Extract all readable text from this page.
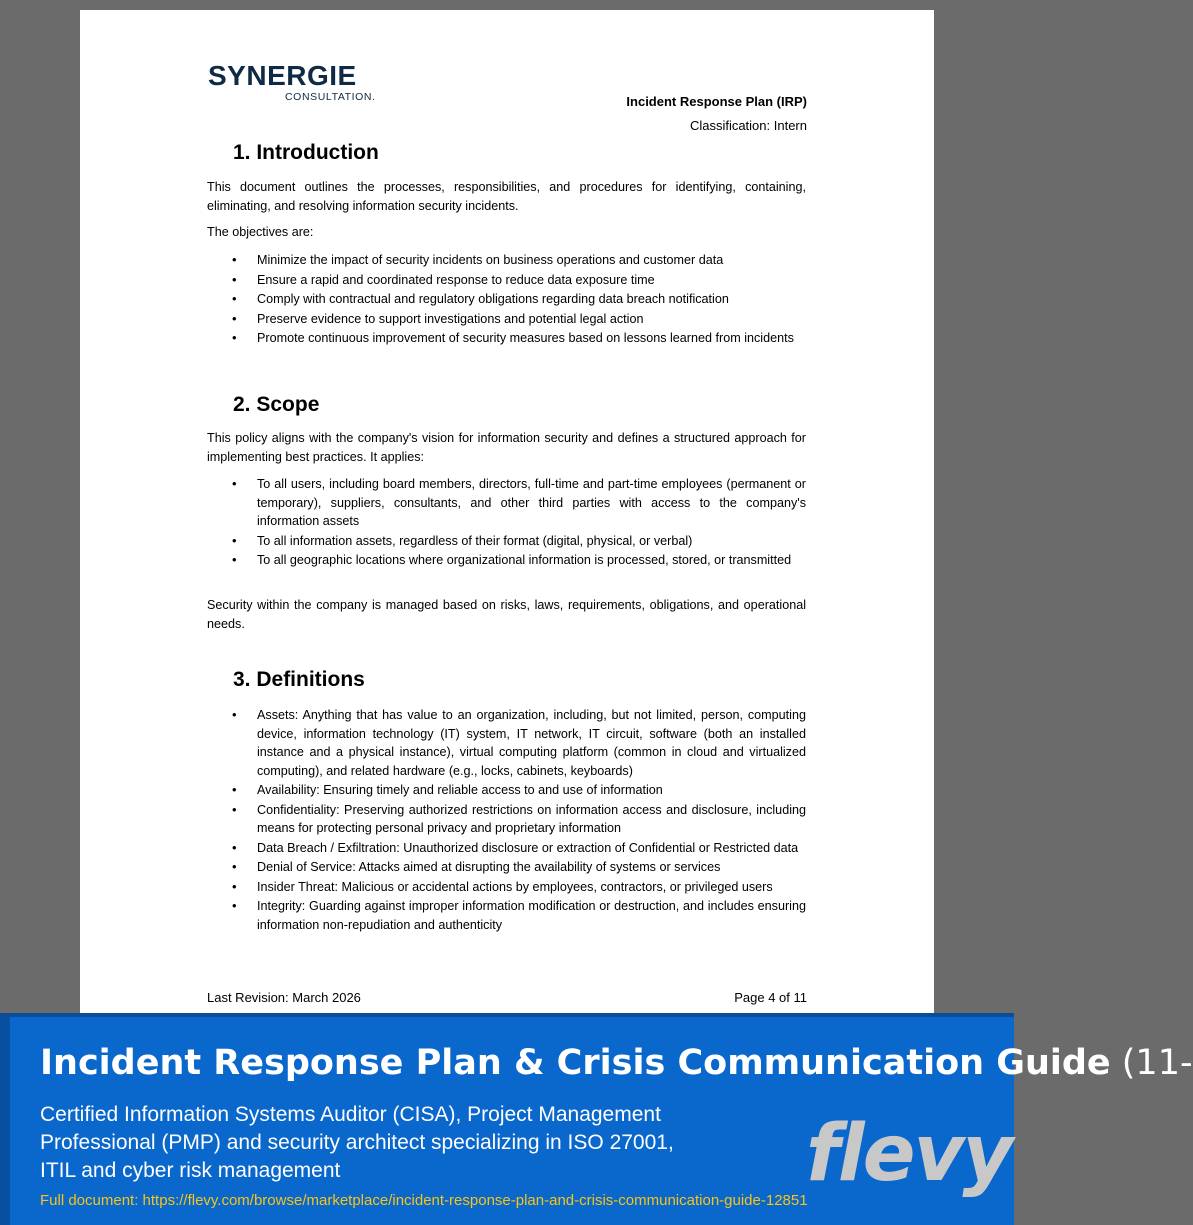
SYNERGIE
CONSULTATION.	Incident Response Plan (IRP)
Classification: Intern
1. Introduction

This document outlines the processes, responsibilities, and procedures for identifying, containing, eliminating, and resolving information security incidents.

The objectives are:

• Minimize the impact of security incidents on business operations and customer data
• Ensure a rapid and coordinated response to reduce data exposure time
• Comply with contractual and regulatory obligations regarding data breach notification
• Preserve evidence to support investigations and potential legal action
• Promote continuous improvement of security measures based on lessons learned from incidents
2. Scope

This policy aligns with the company's vision for information security and defines a structured approach for implementing best practices. It applies:

• To all users, including board members, directors, full-time and part-time employees (permanent or temporary), suppliers, consultants, and other third parties with access to the company's information assets
• To all information assets, regardless of their format (digital, physical, or verbal)
• To all geographic locations where organizational information is processed, stored, or transmitted

Security within the company is managed based on risks, laws, requirements, obligations, and operational needs.

3. Definitions
• Assets: Anything that has value to an organization, including, but not limited, person, computing device, information technology (IT) system, IT network, IT circuit, software (both an installed instance and a physical instance), virtual computing platform (common in cloud and virtualized computing), and related hardware (e.g., locks, cabinets, keyboards)
• Availability: Ensuring timely and reliable access to and use of information
• Confidentiality: Preserving authorized restrictions on information access and disclosure, including means for protecting personal privacy and proprietary information
• Data Breach / Exfiltration: Unauthorized disclosure or extraction of Confidential or Restricted data
• Denial of Service: Attacks aimed at disrupting the availability of systems or services
• Insider Threat: Malicious or accidental actions by employees, contractors, or privileged users
• Integrity: Guarding against improper information modification or destruction, and includes ensuring information non-repudiation and authenticity
Last Revision: March 2026	Page 4 of 11
Incident Response Plan & Crisis Communication Guide (11-
Certified Information Systems Auditor (CISA), Project Management Professional (PMP) and security architect specializing in ISO 27001, ITIL and cyber risk management
Full document: https://flevy.com/browse/marketplace/incident-response-plan-and-crisis-communication-guide-12851
flevy
